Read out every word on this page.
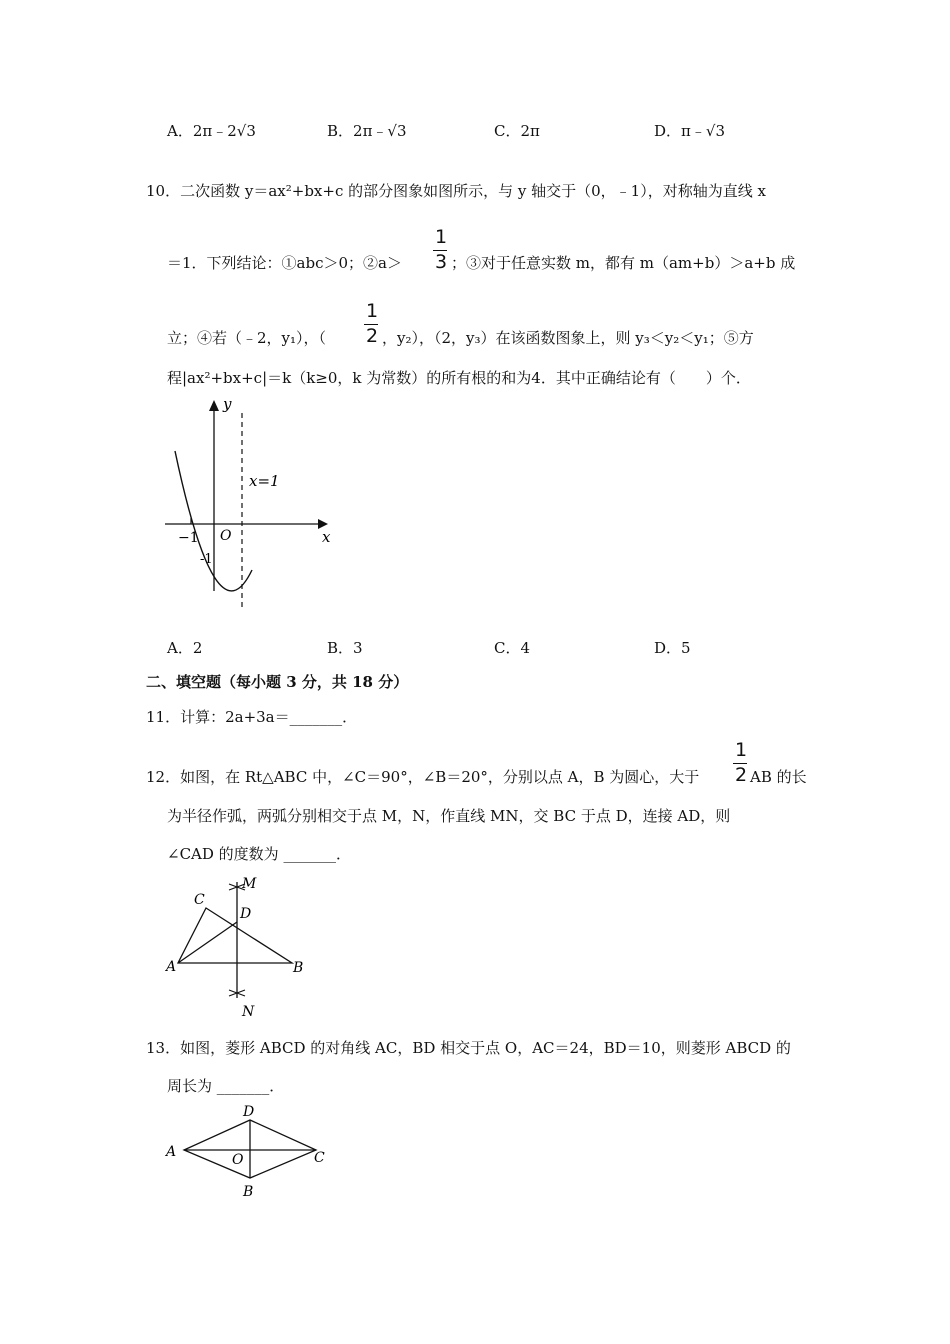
A．2π﹣2√3	B．2π﹣√3	C．2π	D．π﹣√3
10．二次函数 y＝ax²+bx+c 的部分图象如图所示，与 y 轴交于（0，﹣1），对称轴为直线 x
＝1．下列结论：①abc＞0；②a＞
1
3 ；③对于任意实数 m，都有 m（am+b）＞a+b 成
立；④若（﹣2，y₁），（
1
2 ，y₂），（2，y₃）在该函数图象上，则 y₃＜y₂＜y₁；⑤方
程|ax²+bx+c|＝k（k≥0，k 为常数）的所有根的和为4．其中正确结论有（　　）个．
y
x
O
x=1
−1
-1
A．2	B．3	C．4	D．5
二、填空题（每小题 3 分，共 18 分）
11．计算：2a+3a＝_______．
12．如图，在 Rt△ABC 中，∠C＝90°，∠B＝20°，分别以点 A，B 为圆心，大于
1
2 AB 的长
为半径作弧，两弧分别相交于点 M，N，作直线 MN，交 BC 于点 D，连接 AD，则
∠CAD 的度数为 _______．
A	B
C
D
M
N
13．如图，菱形 ABCD 的对角线 AC，BD 相交于点 O，AC＝24，BD＝10，则菱形 ABCD 的
周长为 _______．
A
B
C
D
O
